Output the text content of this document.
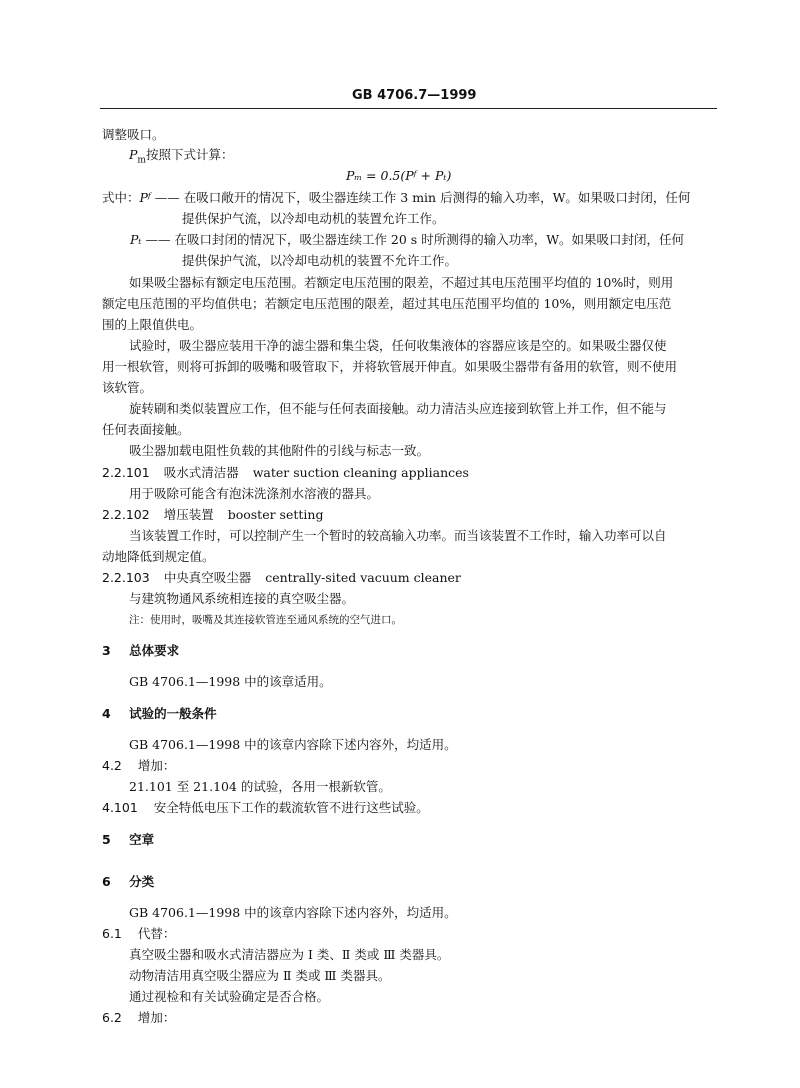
GB 4706.7—1999
调整吸口。
$P_m$按照下式计算：
Pₘ = 0.5(Pᶠ + Pₜ)
式中：Pᶠ —— 在吸口敞开的情况下，吸尘器连续工作 3 min 后测得的输入功率，W。如果吸口封闭，任何
提供保护气流，以冷却电动机的装置允许工作。
Pₜ —— 在吸口封闭的情况下，吸尘器连续工作 20 s 时所测得的输入功率，W。如果吸口封闭，任何
提供保护气流，以冷却电动机的装置不允许工作。
如果吸尘器标有额定电压范围。若额定电压范围的限差，不超过其电压范围平均值的 10%时，则用
额定电压范围的平均值供电；若额定电压范围的限差，超过其电压范围平均值的 10%，则用额定电压范
围的上限值供电。
试验时，吸尘器应装用干净的滤尘器和集尘袋，任何收集液体的容器应该是空的。如果吸尘器仅使
用一根软管，则将可拆卸的吸嘴和吸管取下，并将软管展开伸直。如果吸尘器带有备用的软管，则不使用
该软管。
旋转刷和类似装置应工作，但不能与任何表面接触。动力清洁头应连接到软管上并工作，但不能与
任何表面接触。
吸尘器加载电阻性负载的其他附件的引线与标志一致。
2.2.101 吸水式清洁器 water suction cleaning appliances
用于吸除可能含有泡沫洗涤剂水溶液的器具。
2.2.102 增压装置 booster setting
当该装置工作时，可以控制产生一个暂时的较高输入功率。而当该装置不工作时，输入功率可以自
动地降低到规定值。
2.2.103 中央真空吸尘器 centrally-sited vacuum cleaner
与建筑物通风系统相连接的真空吸尘器。
注：使用时，吸嘴及其连接软管连至通风系统的空气进口。
3 总体要求
GB 4706.1—1998 中的该章适用。
4 试验的一般条件
GB 4706.1—1998 中的该章内容除下述内容外，均适用。
4.2 增加：
21.101 至 21.104 的试验，各用一根新软管。
4.101 安全特低电压下工作的载流软管不进行这些试验。
5 空章
6 分类
GB 4706.1—1998 中的该章内容除下述内容外，均适用。
6.1 代替：
真空吸尘器和吸水式清洁器应为 Ⅰ 类、Ⅱ 类或 Ⅲ 类器具。
动物清洁用真空吸尘器应为 Ⅱ 类或 Ⅲ 类器具。
通过视检和有关试验确定是否合格。
6.2 增加：
